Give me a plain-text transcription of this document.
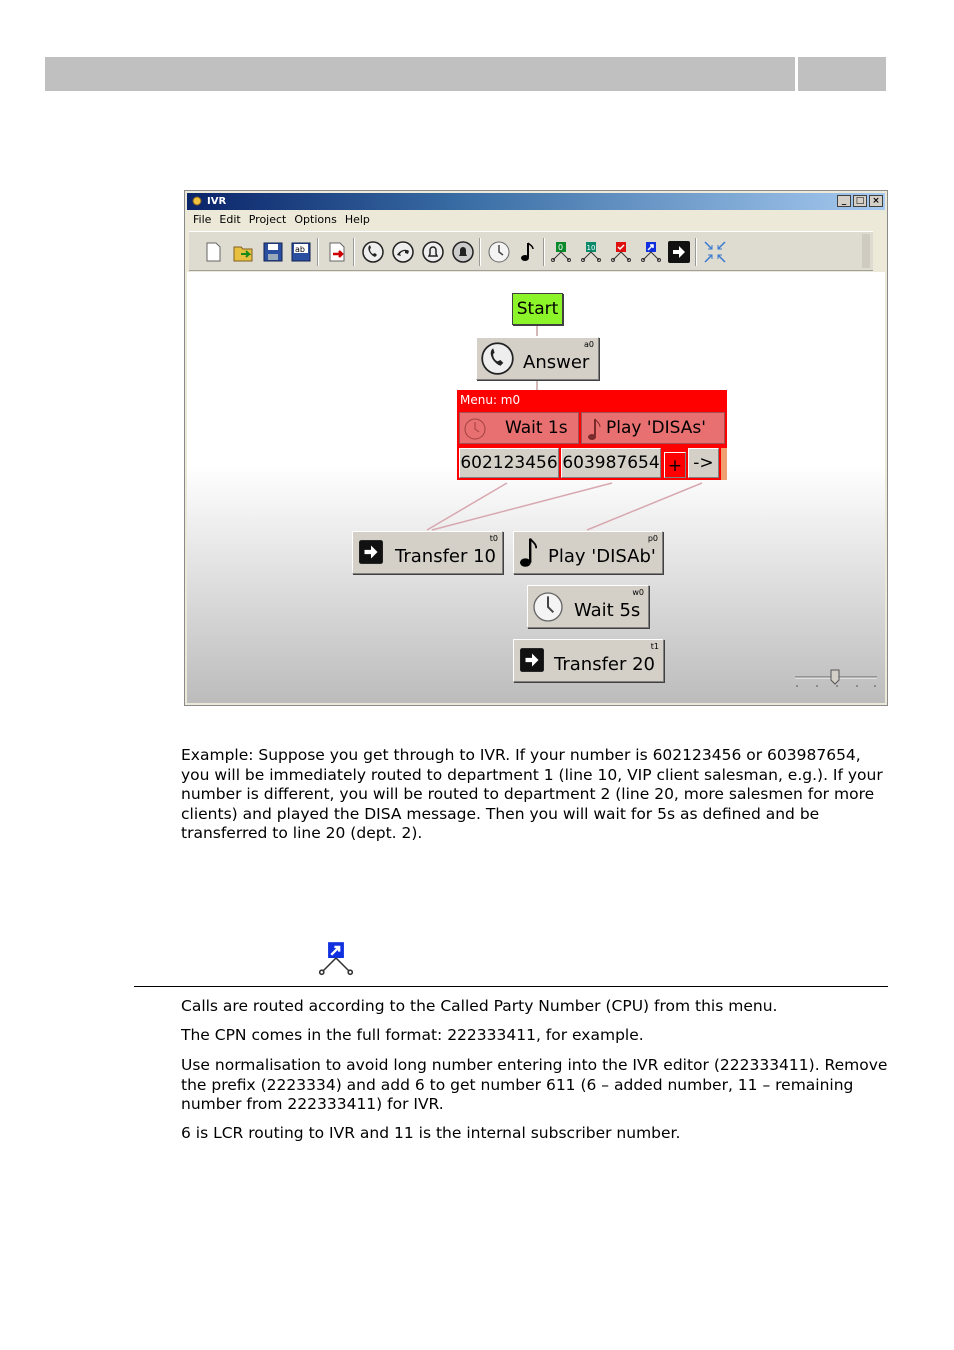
IVR	_	□ ×
File Edit Project Options Help
ab	0	10
Start
Answer
a0
Menu: m0
Wait 1s Play 'DISAs'
602123456 603987654 + ->
Transfer 10
t0
Play 'DISAb'
p0
Wait 5s
w0
Transfer 20
t1

Example: Suppose you get through to IVR. If your number is 602123456 or 603987654, you will be immediately routed to department 1 (line 10, VIP client salesman, e.g.). If your number is different, you will be routed to department 2 (line 20, more salesmen for more clients) and played the DISA message. Then you will wait for 5s as defined and be transferred to line 20 (dept. 2).

Calls are routed according to the Called Party Number (CPU) from this menu.

The CPN comes in the full format: 222333411, for example.

Use normalisation to avoid long number entering into the IVR editor (222333411). Remove the prefix (2223334) and add 6 to get number 611 (6 – added number, 11 – remaining number from 222333411) for IVR.

6 is LCR routing to IVR and 11 is the internal subscriber number.
